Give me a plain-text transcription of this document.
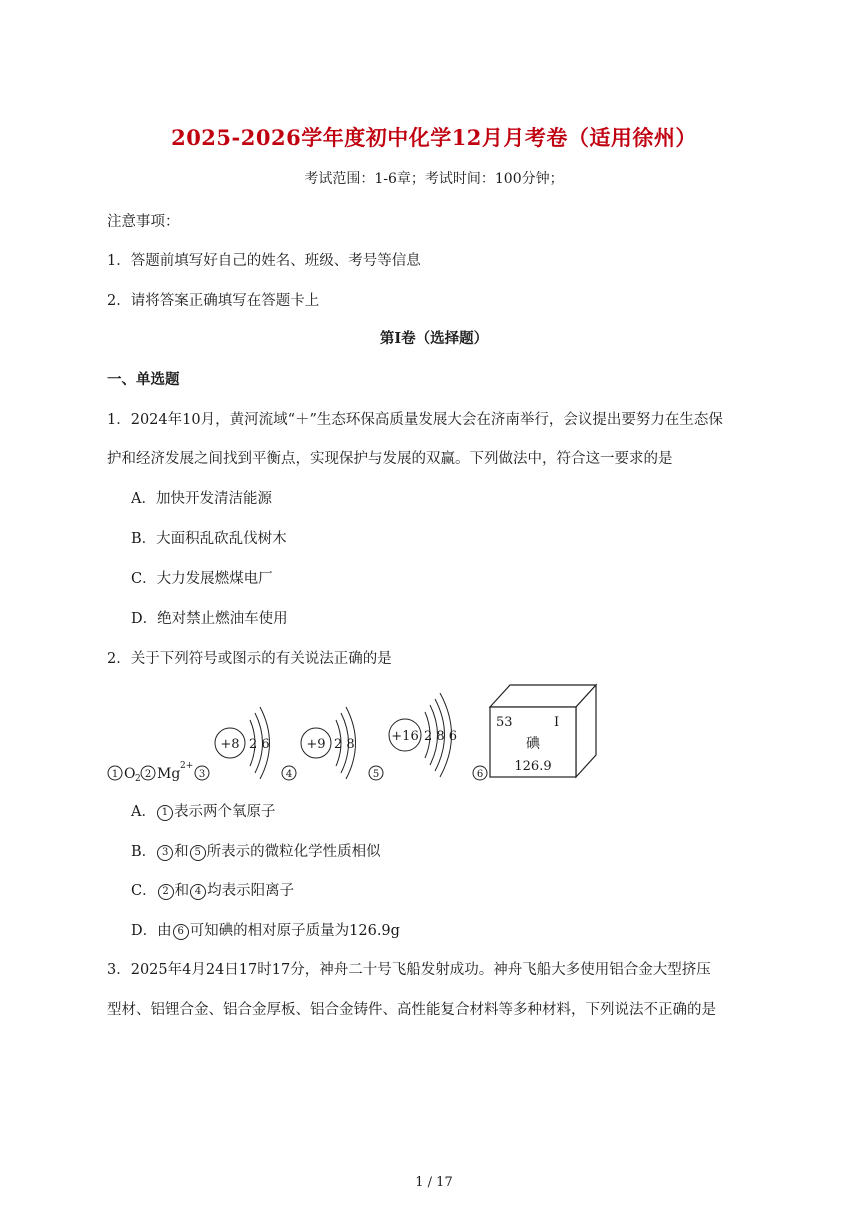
2025-2026学年度初中化学12月月考卷（适用徐州）
考试范围：1-6章；考试时间：100分钟；
注意事项：
1．答题前填写好自己的姓名、班级、考号等信息
2．请将答案正确填写在答题卡上
第I卷（选择题）
一、单选题
1．2024年10月，黄河流域“＋”生态环保高质量发展大会在济南举行，会议提出要努力在生态保
护和经济发展之间找到平衡点，实现保护与发展的双赢。下列做法中，符合这一要求的是
A．加快开发清洁能源
B．大面积乱砍乱伐树木
C．大力发展燃煤电厂
D．绝对禁止燃油车使用
2．关于下列符号或图示的有关说法正确的是
1 O 2 2 Mg 2+
3
+8 2 6
4
+9 2 8
5
+16 2 8 6
6
53	I
碘
126.9
A． 1 表示两个氧原子
B． 3 和 5 所表示的微粒化学性质相似
C． 2 和 4 均表示阳离子
D．由 6 可知碘的相对原子质量为126.9g
3．2025年4月24日17时17分，神舟二十号飞船发射成功。神舟飞船大多使用铝合金大型挤压
型材、铝锂合金、铝合金厚板、铝合金铸件、高性能复合材料等多种材料，下列说法不正确的是
1 / 17
